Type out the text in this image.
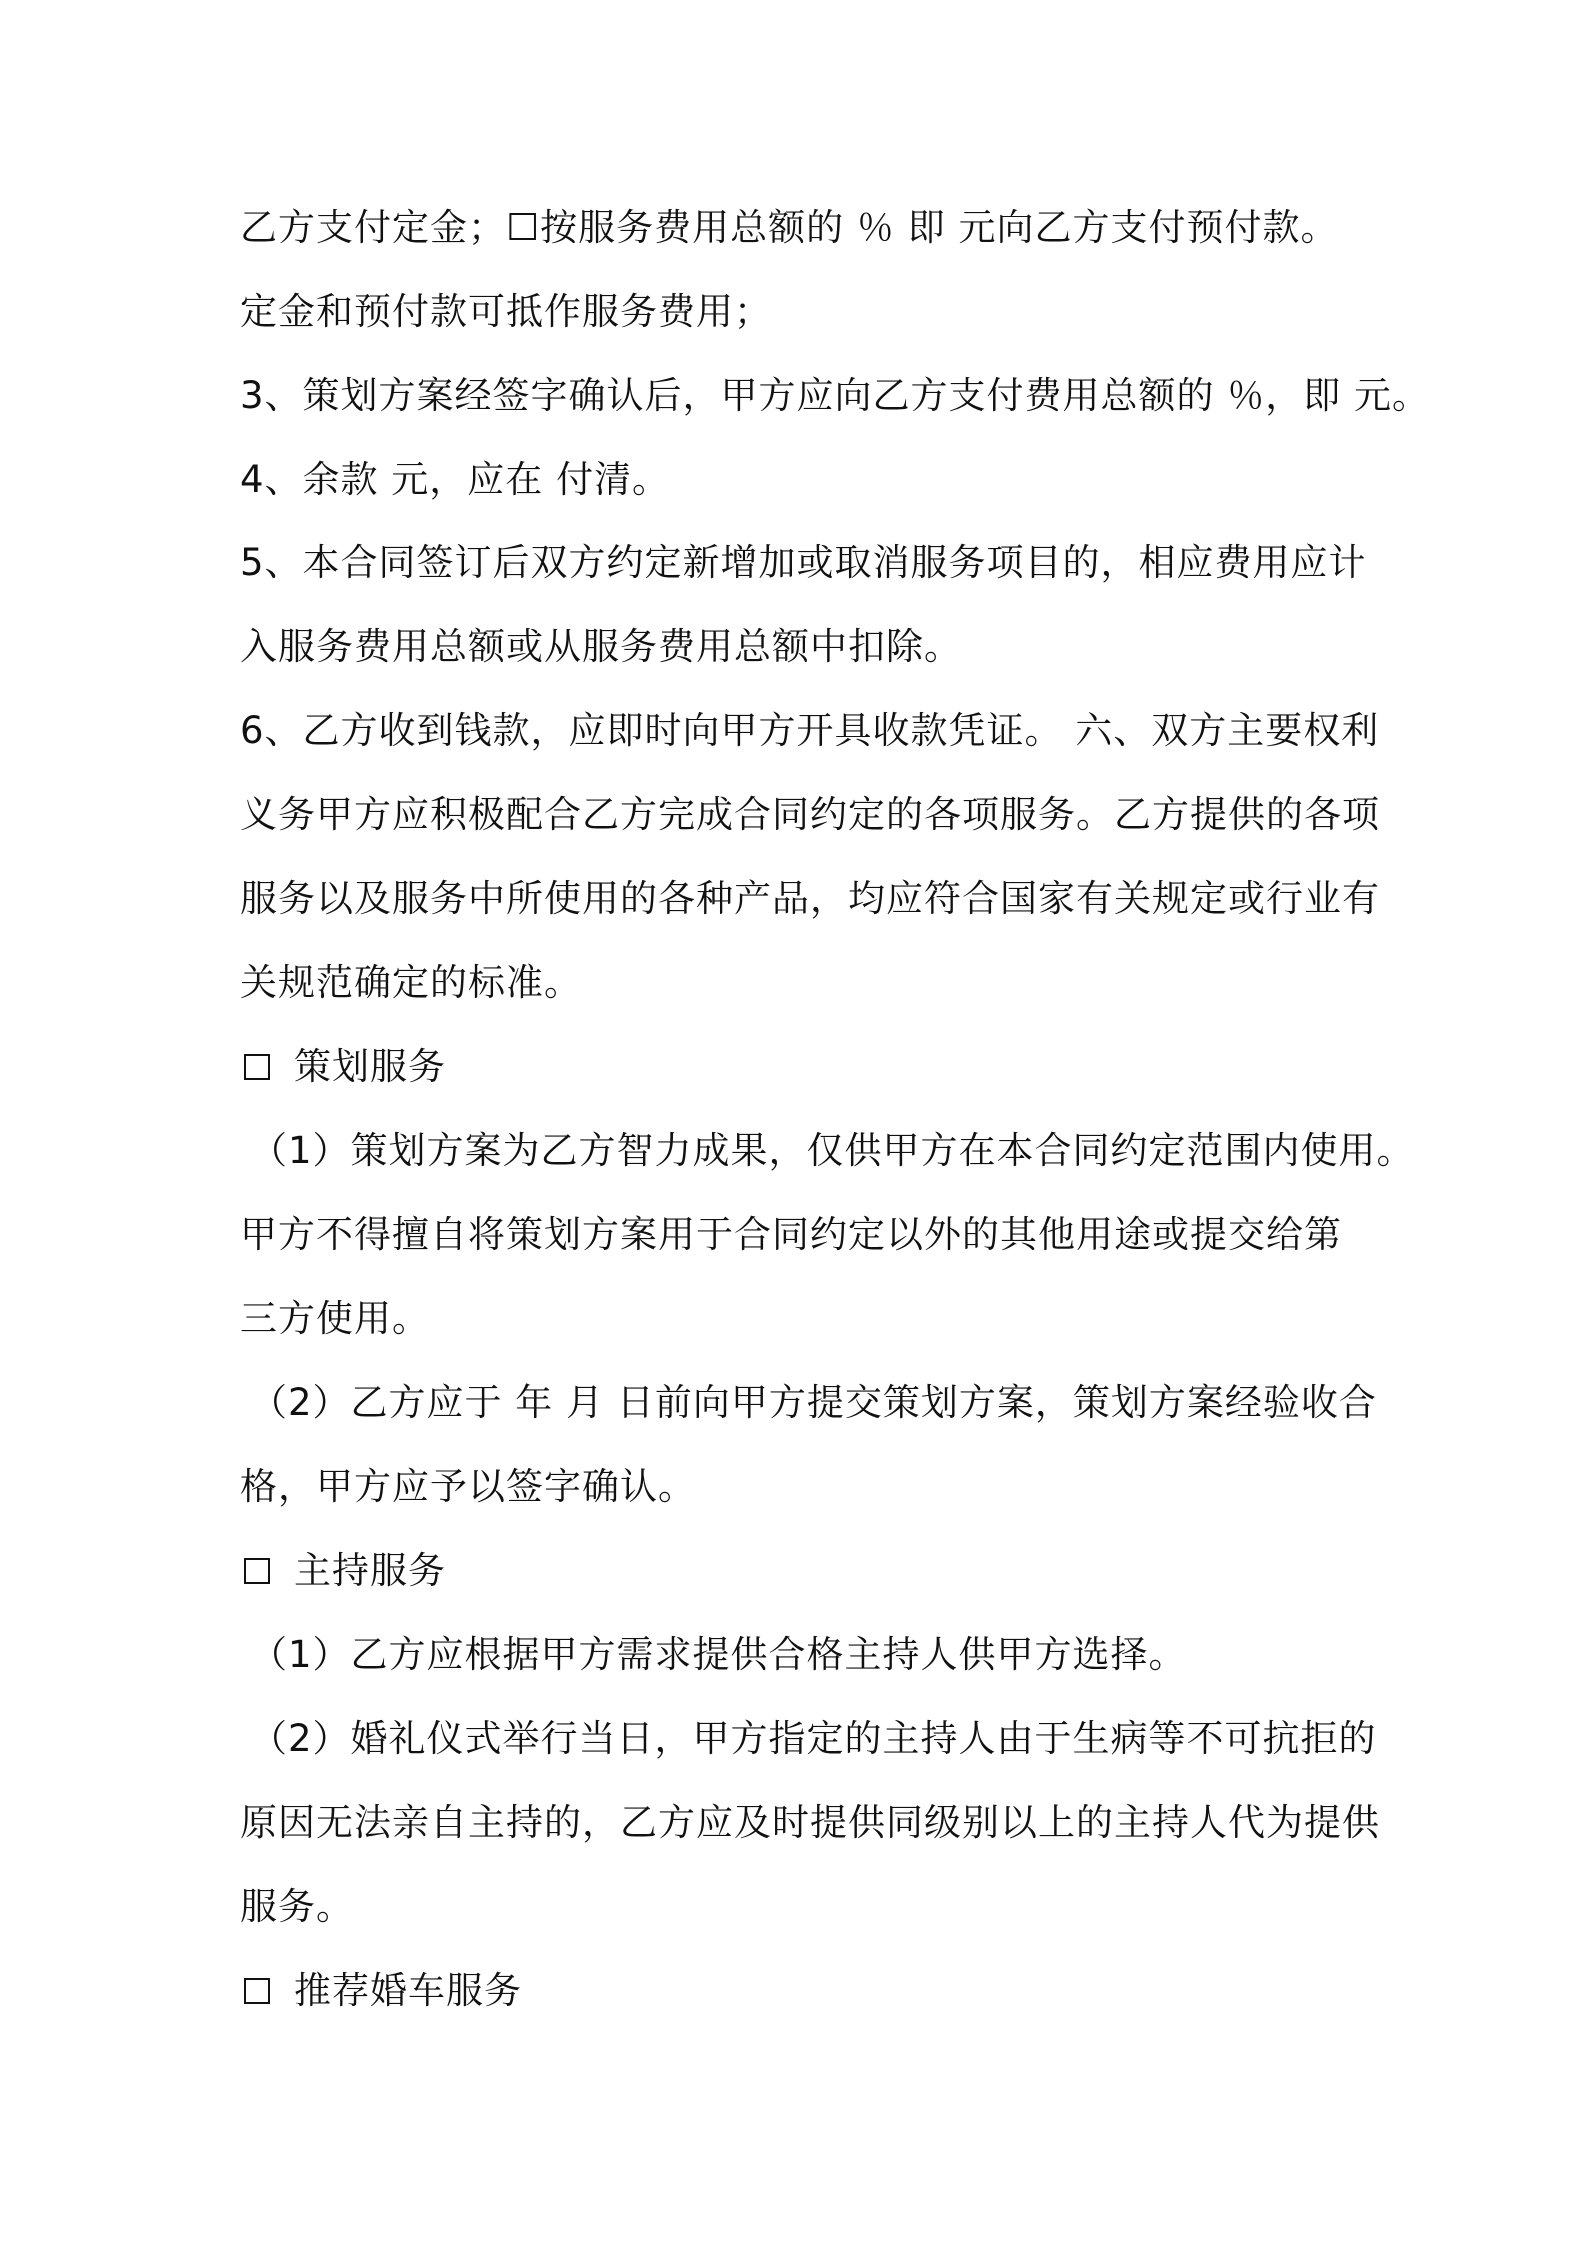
乙方支付定金；☐按服务费用总额的 ％ 即 元向乙方支付预付款。

定金和预付款可抵作服务费用；

3、策划方案经签字确认后，甲方应向乙方支付费用总额的 ％，即 元。

4、余款 元，应在 付清。

5、本合同签订后双方约定新增加或取消服务项目的，相应费用应计

入服务费用总额或从服务费用总额中扣除。

6、乙方收到钱款，应即时向甲方开具收款凭证。 六、双方主要权利

义务甲方应积极配合乙方完成合同约定的各项服务。乙方提供的各项

服务以及服务中所使用的各种产品，均应符合国家有关规定或行业有

关规范确定的标准。

策划服务

（1）策划方案为乙方智力成果，仅供甲方在本合同约定范围内使用。

甲方不得擅自将策划方案用于合同约定以外的其他用途或提交给第

三方使用。

（2）乙方应于 年 月 日前向甲方提交策划方案，策划方案经验收合

格，甲方应予以签字确认。

主持服务

（1）乙方应根据甲方需求提供合格主持人供甲方选择。

（2）婚礼仪式举行当日，甲方指定的主持人由于生病等不可抗拒的

原因无法亲自主持的，乙方应及时提供同级别以上的主持人代为提供

服务。

推荐婚车服务
